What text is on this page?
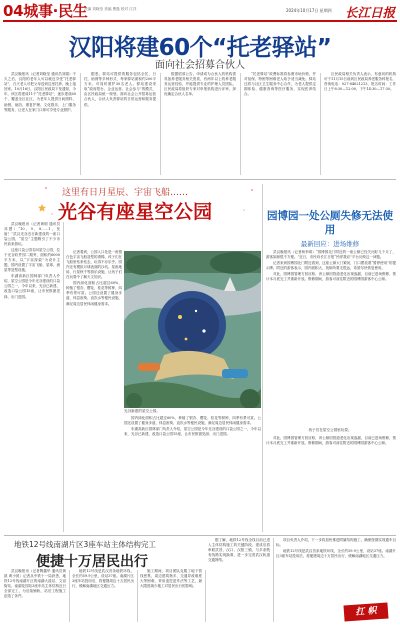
04城事·民生
责编 刘晓莹 美编 曹磊 校对 江洋	2024年10月17日 星期四 长江日报
汉阳将建60个“托老驿站”
面向社会招募合伙人

武汉晚报讯（记者刘晓莹 通讯员刘娟）不久之后，汉阳的老年人可以就近享受“托老驿站”，白天老人可把父母送到这里托养，晚上接回家。10月16日，汉阳区民政局下发通知，今年，该区将建成11个“托老驿站”，逐步建成60个，覆盖全区社区，为老年人提供日间照料、助餐、助浴、康复护理、文化娱乐、上门服务等服务，让老人在家门口即可享受专业照护。

据悉，驿站可提供的服务包括全托、日托、助餐等多种形式，每家驿站面积约200平方米，可同时照护30名老人。驿站建设采取“政府搭台、企业运营、社会参与”的模式，由区民政局统一规划，面向社会公开招募运营合伙人，合伙人负责驿站的日常运营和服务提供。

根据招募公告，申请成为合伙人的机构需具备养老服务相关资质，有两年以上的养老服务运营经验，并能提供专业的护理人员团队。区民政局将组织专家对申报机构进行评审，择优确定合伙人名单。

“托老驿站”收费标准将参照市场价格，并对低保、特困等困难老人给予适当减免。驿站还将与社区卫生服务中心合作，为老人提供定期体检、健康咨询等医疗服务，实现医养结合。

区民政局相关负责人表示，有意向的机构可于11月15日前到区民政局养老服务科报名，咨询电话：027-84621213，报名时间：工作日上午8:30—12:00，下午14:30—17:30。

这里有日月星辰、宇宙飞船……
光谷有座星空公园

武汉晚报讯（记者黄明 通讯员邓慧）“10、9、8……1，发射！”武汉光谷近日新建成的一座口袋公园，“星空”主题吸引了不少市民前来游玩。

这座口袋公园名叫星空公园，位于光谷软件园二期旁，面积约6000平方米，以“宇宙探索”为设计主题，园内设置了宇宙飞船、星球、流星等造型设施。

东湖高新区园林部门负责人介绍，星空公园是今年光谷建设的口袋公园之一，今年以来，光谷已新建、改造口袋公园15座，让市民推窗见绿、出门进园。

记者看到，公园入口处是一座银白色宇宙飞船造型的滑梯，孩子们在飞船里钻来钻去，玩得不亦乐乎。园内还有模拟月球表面的沙坑、星座地砖、行星秋千等游乐设施，让孩子们在玩耍中了解天文知识。

园内绿化面积占比超过60%，种植了银杏、樱花、桂花等树种，四季有景可赏。公园还设置了健身步道、休息座椅、直饮水等便民设施，满足周边居民休闲健身需求。

光谷新建的星空公园。
园博园一处公厕失修无法使用
最新回应：进场维修

武汉晚报讯（记者杨李琪）“园博园北门附近的一座公厕已经关闭好几个月了，游客如厕很不方便。”近日，市民向长江日报“民呼我应”平台反映这一问题。

记者来到园博园北门附近看到，这座公厕大门紧闭，门口摆放着“暂停使用”的提示牌。附近的游客表示，园内面积大，找厕所要走很远，希望尽快恢复使用。

对此，园博园管理方回应称，该公厕因管道老化出现渗漏，目前已进场维修，预计本月底完工并重新开放。维修期间，游客可前往附近的园博园游客中心公厕。

孩子们在星空公园里玩耍。

园内绿化面积占比超过60%，种植了银杏、樱花、桂花等树种，四季有景可赏。公园还设置了健身步道、休息座椅、直饮水等便民设施，满足周边居民休闲健身需求。

东湖高新区园林部门负责人介绍，星空公园是今年光谷建设的口袋公园之一，今年以来，光谷已新建、改造口袋公园15座，让市民推窗见绿、出门进园。

对此，园博园管理方回应称，该公厕因管道老化出现渗漏，目前已进场维修，预计本月底完工并重新开放。维修期间，游客可前往附近的园博园游客中心公厕。

地铁12号线南湖片区3座车站主体结构完工
便捷十万居民出行

武汉晚报讯（记者陶鑫华 通讯员黄凯 黄小波）记者从中铁十一局获悉，地铁12号线南湖片区的南湖大道站、文治街站、南湖花园站3座车站主体结构近日全部完工，为后续铺轨、站后工程施工创造了条件。

地铁12号线是武汉首条地铁环线，全长约59.9公里，设站37座。南湖片区3座车站投用后，将便捷周边十万居民出行，缓解南湖地区交通压力。

施工期间，项目团队克服了地下管线密集、周边建筑物多、交通导改难度大等困难，采用盖挖逆作法等工艺，最大限度减少施工对居民出行的影响。

据了解，地铁12号线全线目前已进入主体结构施工的关键阶段，建成后将串联武昌、汉口、汉阳三镇，与多条既有线路实现换乘，进一步完善武汉轨道交通网络。

项目负责人介绍，下一步将加快推进附属结构施工，确保按期实现通车目标。

地铁12号线是武汉首条地铁环线，全长约59.9公里，设站37座。南湖片区3座车站投用后，将便捷周边十万居民出行，缓解南湖地区交通压力。

扛 帜
